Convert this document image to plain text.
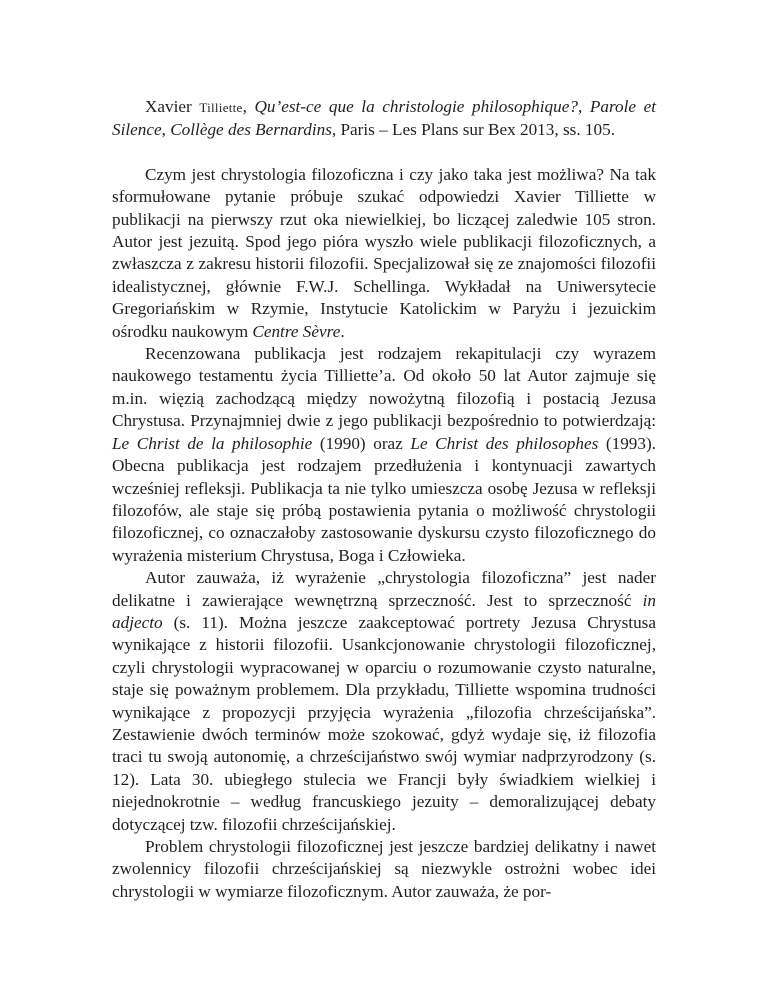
Xavier Tilliette, Qu’est-ce que la christologie philosophique?, Parole et Silence, Collège des Bernardins, Paris – Les Plans sur Bex 2013, ss. 105.

Czym jest chrystologia filozoficzna i czy jako taka jest możliwa? Na tak sformułowane pytanie próbuje szukać odpowiedzi Xavier Tilliette w publikacji na pierwszy rzut oka niewielkiej, bo liczącej zaledwie 105 stron. Autor jest jezuitą. Spod jego pióra wyszło wiele publikacji filozoficznych, a zwłaszcza z zakresu historii filozofii. Specjalizował się ze znajomości filozofii idealistycznej, głównie F.W.J. Schellinga. Wykładał na Uniwersytecie Gregoriańskim w Rzymie, Instytucie Katolickim w Paryżu i jezuickim ośrodku naukowym Centre Sèvre.

Recenzowana publikacja jest rodzajem rekapitulacji czy wyrazem naukowego testamentu życia Tilliette’a. Od około 50 lat Autor zajmuje się m.in. więzią zachodzącą między nowożytną filozofią i postacią Jezusa Chrystusa. Przynajmniej dwie z jego publikacji bezpośrednio to potwierdzają: Le Christ de la philosophie (1990) oraz Le Christ des philosophes (1993). Obecna publikacja jest rodzajem przedłużenia i kontynuacji zawartych wcześniej refleksji. Publikacja ta nie tylko umieszcza osobę Jezusa w refleksji filozofów, ale staje się próbą postawienia pytania o możliwość chrystologii filozoficznej, co oznaczałoby zastosowanie dyskursu czysto filozoficznego do wyrażenia misterium Chrystusa, Boga i Człowieka.

Autor zauważa, iż wyrażenie „chrystologia filozoficzna” jest nader delikatne i zawierające wewnętrzną sprzeczność. Jest to sprzeczność in adjecto (s. 11). Można jeszcze zaakceptować portrety Jezusa Chrystusa wynikające z historii filozofii. Usankcjonowanie chrystologii filozoficznej, czyli chrystologii wypracowanej w oparciu o rozumowanie czysto naturalne, staje się poważnym problemem. Dla przykładu, Tilliette wspomina trudności wynikające z propozycji przyjęcia wyrażenia „filozofia chrześcijańska”. Zestawienie dwóch terminów może szokować, gdyż wydaje się, iż filozofia traci tu swoją autonomię, a chrześcijaństwo swój wymiar nadprzyrodzony (s. 12). Lata 30. ubiegłego stulecia we Francji były świadkiem wielkiej i niejednokrotnie – według francuskiego jezuity – demoralizującej debaty dotyczącej tzw. filozofii chrześcijańskiej.

Problem chrystologii filozoficznej jest jeszcze bardziej delikatny i nawet zwolennicy filozofii chrześcijańskiej są niezwykle ostrożni wobec idei chrystologii w wymiarze filozoficznym. Autor zauważa, że por-
